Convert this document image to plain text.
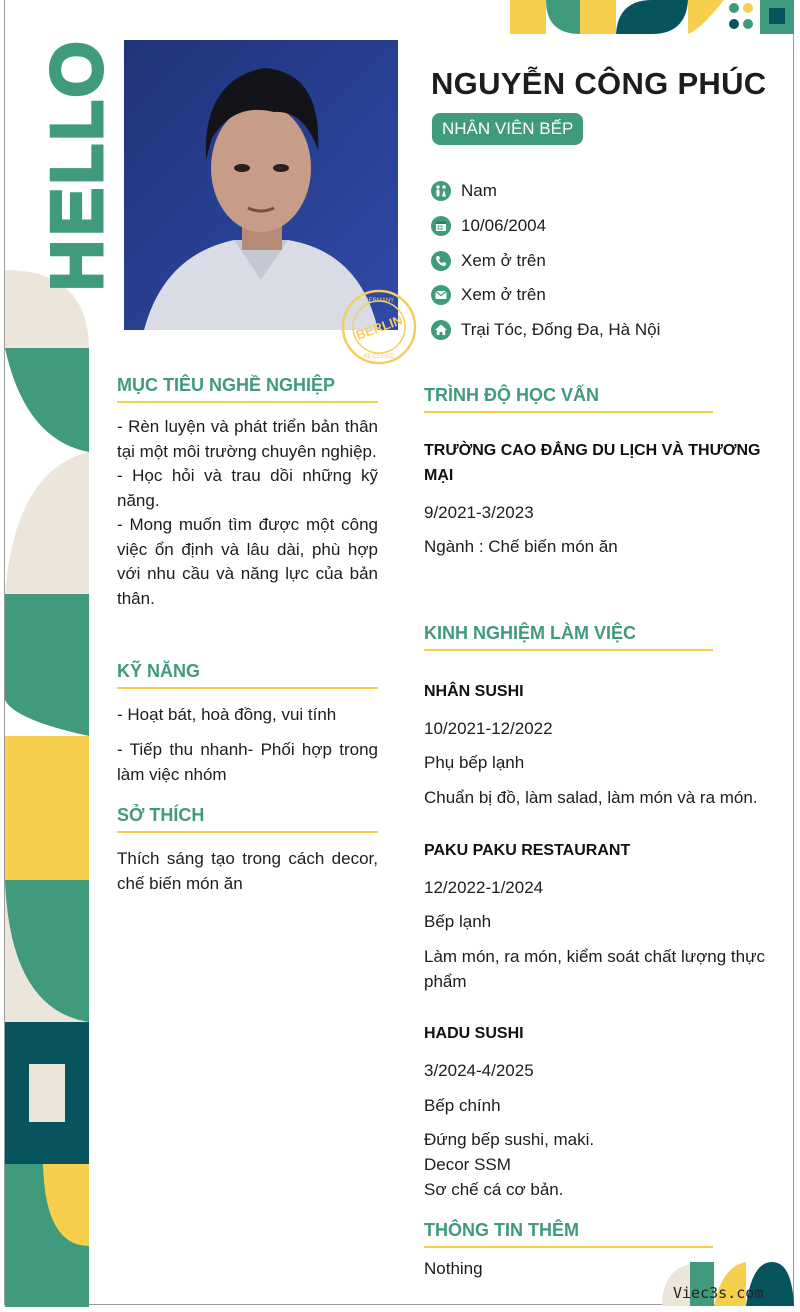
HELLO
BERLIN
GERMANY
RECEIVED
NGUYỄN CÔNG PHÚC
NHÂN VIÊN BẾP
Nam
10/06/2004
Xem ở trên
Xem ở trên
Trại Tóc, Đống Đa, Hà Nội
MỤC TIÊU NGHỀ NGHIỆP
- Rèn luyện và phát triển bản thân tại một môi trường chuyên nghiệp.
- Học hỏi và trau dồi những kỹ năng.
- Mong muốn tìm được một công việc ổn định và lâu dài, phù hợp với nhu cầu và năng lực của bản thân.
KỸ NĂNG
- Hoạt bát, hoà đồng, vui tính
- Tiếp thu nhanh- Phối hợp trong làm việc nhóm
SỞ THÍCH
Thích sáng tạo trong cách decor, chế biến món ăn
TRÌNH ĐỘ HỌC VẤN
TRƯỜNG CAO ĐẲNG DU LỊCH VÀ THƯƠNG MẠI
9/2021-3/2023
Ngành : Chế biến món ăn
KINH NGHIỆM LÀM VIỆC
NHÂN SUSHI
10/2021-12/2022
Phụ bếp lạnh
Chuẩn bị đồ, làm salad, làm món và ra món.
PAKU PAKU RESTAURANT
12/2022-1/2024
Bếp lạnh
Làm món, ra món, kiểm soát chất lượng thực phẩm
HADU SUSHI
3/2024-4/2025
Bếp chính
Đứng bếp sushi, maki.
Decor SSM
Sơ chế cá cơ bản.
THÔNG TIN THÊM
Nothing
Viec3s.com
